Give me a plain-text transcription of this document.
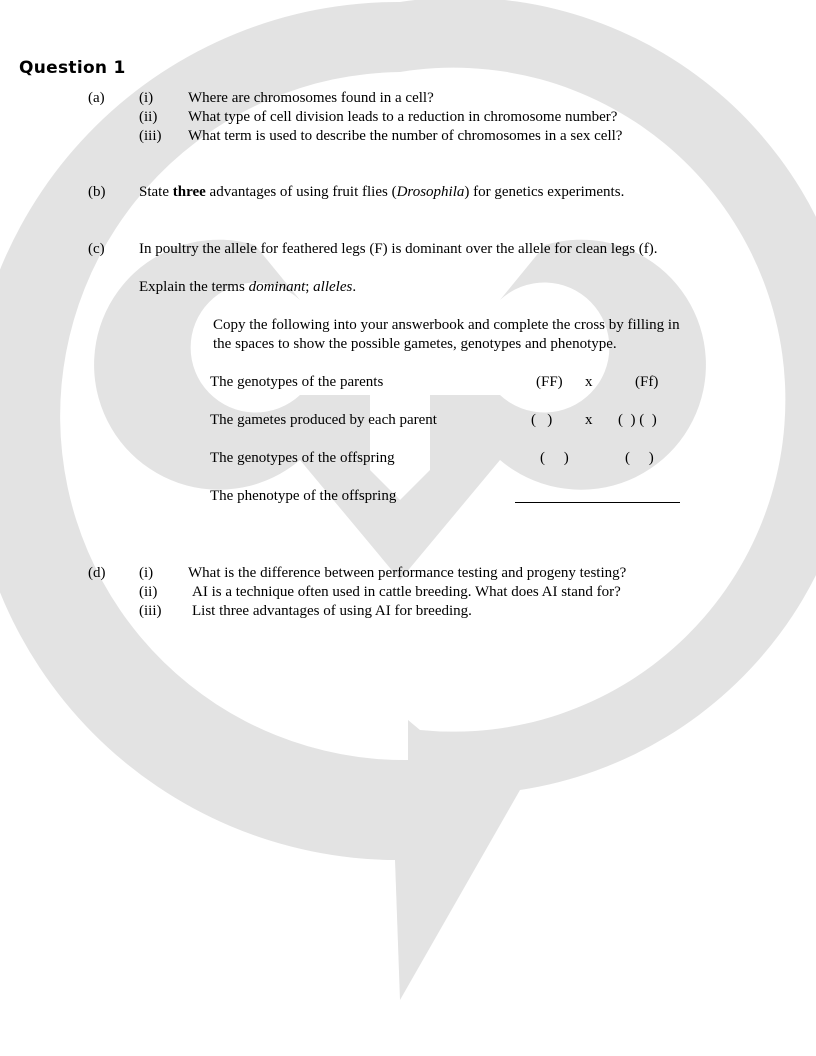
Question 1
(a) (i) Where are chromosomes found in a cell?
(ii) What type of cell division leads to a reduction in chromosome number?
(iii) What term is used to describe the number of chromosomes in a sex cell?
(b) State three advantages of using fruit flies (Drosophila) for genetics experiments.
(c) In poultry the allele for feathered legs (F) is dominant over the allele for clean legs (f).
Explain the terms dominant; alleles.
Copy the following into your answerbook and complete the cross by filling in
the spaces to show the possible gametes, genotypes and phenotype.
The genotypes of the parents	(FF) x	(Ff)
The gametes produced by each parent	(   ) x (  ) (  )
The genotypes of the offspring	(     )	(     )
The phenotype of the offspring
(d) (i) What is the difference between performance testing and progeny testing?
(ii) AI is a technique often used in cattle breeding. What does AI stand for?
(iii) List three advantages of using AI for breeding.
